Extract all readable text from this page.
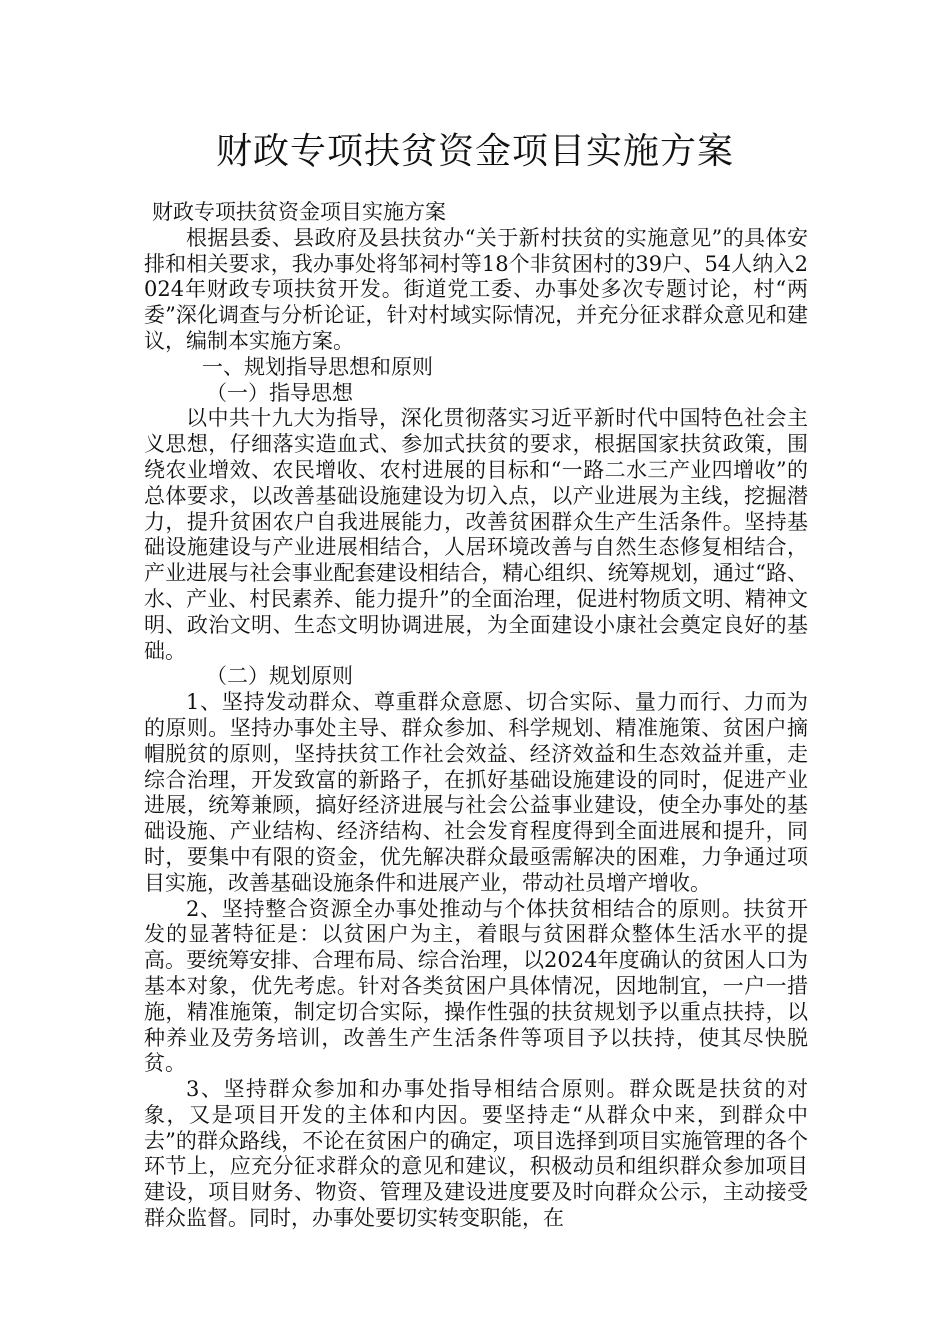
财政专项扶贫资金项目实施方案

财政专项扶贫资金项目实施方案

根据县委、县政府及县扶贫办“关于新村扶贫的实施意见”的具体安排和相关要求，我办事处将邹祠村等18个非贫困村的39户、54人纳入2024年财政专项扶贫开发。街道党工委、办事处多次专题讨论，村“两委”深化调查与分析论证，针对村域实际情况，并充分征求群众意见和建议，编制本实施方案。

一、规划指导思想和原则

（一）指导思想

以中共十九大为指导，深化贯彻落实习近平新时代中国特色社会主义思想，仔细落实造血式、参加式扶贫的要求，根据国家扶贫政策，围绕农业增效、农民增收、农村进展的目标和“一路二水三产业四增收”的总体要求，以改善基础设施建设为切入点，以产业进展为主线，挖掘潜力，提升贫困农户自我进展能力，改善贫困群众生产生活条件。坚持基础设施建设与产业进展相结合，人居环境改善与自然生态修复相结合，产业进展与社会事业配套建设相结合，精心组织、统筹规划，通过“路、水、产业、村民素养、能力提升”的全面治理，促进村物质文明、精神文明、政治文明、生态文明协调进展，为全面建设小康社会奠定良好的基础。

（二）规划原则

1、坚持发动群众、尊重群众意愿、切合实际、量力而行、力而为的原则。坚持办事处主导、群众参加、科学规划、精准施策、贫困户摘帽脱贫的原则，坚持扶贫工作社会效益、经济效益和生态效益并重，走综合治理，开发致富的新路子，在抓好基础设施建设的同时，促进产业进展，统筹兼顾，搞好经济进展与社会公益事业建设，使全办事处的基础设施、产业结构、经济结构、社会发育程度得到全面进展和提升，同时，要集中有限的资金，优先解决群众最亟需解决的困难，力争通过项目实施，改善基础设施条件和进展产业，带动社员增产增收。

2、坚持整合资源全办事处推动与个体扶贫相结合的原则。扶贫开发的显著特征是：以贫困户为主，着眼与贫困群众整体生活水平的提高。要统筹安排、合理布局、综合治理，以2024年度确认的贫困人口为基本对象，优先考虑。针对各类贫困户具体情况，因地制宜，一户一措施，精准施策，制定切合实际，操作性强的扶贫规划予以重点扶持，以种养业及劳务培训，改善生产生活条件等项目予以扶持，使其尽快脱贫。

3、坚持群众参加和办事处指导相结合原则。群众既是扶贫的对象，又是项目开发的主体和内因。要坚持走“从群众中来，到群众中去”的群众路线，不论在贫困户的确定，项目选择到项目实施管理的各个环节上，应充分征求群众的意见和建议，积极动员和组织群众参加项目建设，项目财务、物资、管理及建设进度要及时向群众公示，主动接受群众监督。同时，办事处要切实转变职能，在
